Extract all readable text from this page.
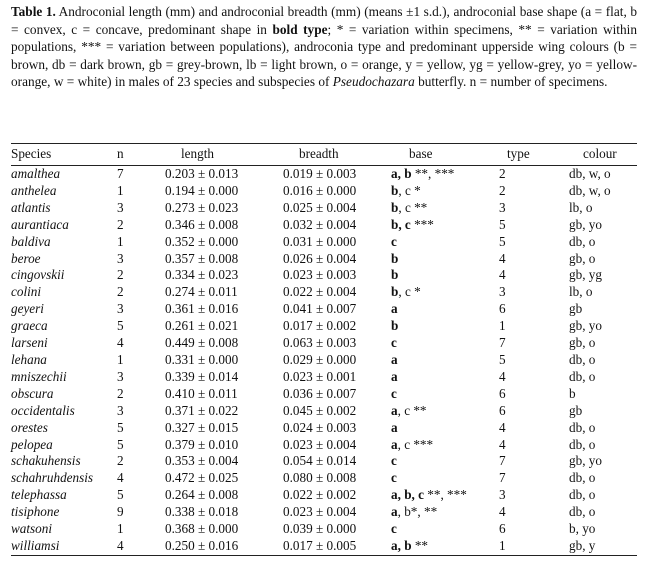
Table 1. Androconial length (mm) and androconial breadth (mm) (means ±1 s.d.), androconial base shape (a = flat, b = convex, c = concave, predominant shape in bold type; * = variation within specimens, ** = variation within populations, *** = variation between populations), androconia type and predominant upperside wing colours (b = brown, db = dark brown, gb = grey-brown, lb = light brown, o = orange, y = yellow, yg = yellow-grey, yo = yellow-orange, w = white) in males of 23 species and subspecies of Pseudochazara butterfly. n = number of specimens.
Species	n	length	breadth	base	type	colour
amalthea	7	0.203 ± 0.013	0.019 ± 0.003	a, b **, ***	2	db, w, o
anthelea	1	0.194 ± 0.000	0.016 ± 0.000	b, c *	2	db, w, o
atlantis	3	0.273 ± 0.023	0.025 ± 0.004	b, c **	3	lb, o
aurantiaca	2	0.346 ± 0.008	0.032 ± 0.004	b, c ***	5	gb, yo
baldiva	1	0.352 ± 0.000	0.031 ± 0.000	c	5	db, o
beroe	3	0.357 ± 0.008	0.026 ± 0.004	b	4	gb, o
cingovskii	2	0.334 ± 0.023	0.023 ± 0.003	b	4	gb, yg
colini	2	0.274 ± 0.011	0.022 ± 0.004	b, c *	3	lb, o
geyeri	3	0.361 ± 0.016	0.041 ± 0.007	a	6	gb
graeca	5	0.261 ± 0.021	0.017 ± 0.002	b	1	gb, yo
larseni	4	0.449 ± 0.008	0.063 ± 0.003	c	7	gb, o
lehana	1	0.331 ± 0.000	0.029 ± 0.000	a	5	db, o
mniszechii	3	0.339 ± 0.014	0.023 ± 0.001	a	4	db, o
obscura	2	0.410 ± 0.011	0.036 ± 0.007	c	6	b
occidentalis	3	0.371 ± 0.022	0.045 ± 0.002	a, c **	6	gb
orestes	5	0.327 ± 0.015	0.024 ± 0.003	a	4	db, o
pelopea	5	0.379 ± 0.010	0.023 ± 0.004	a, c ***	4	db, o
schakuhensis	2	0.353 ± 0.004	0.054 ± 0.014	c	7	gb, yo
schahruhdensis	4	0.472 ± 0.025	0.080 ± 0.008	c	7	db, o
telephassa	5	0.264 ± 0.008	0.022 ± 0.002	a, b, c **, ***	3	db, o
tisiphone	9	0.338 ± 0.018	0.023 ± 0.004	a, b*, **	4	db, o
watsoni	1	0.368 ± 0.000	0.039 ± 0.000	c	6	b, yo
williamsi	4	0.250 ± 0.016	0.017 ± 0.005	a, b **	1	gb, y
